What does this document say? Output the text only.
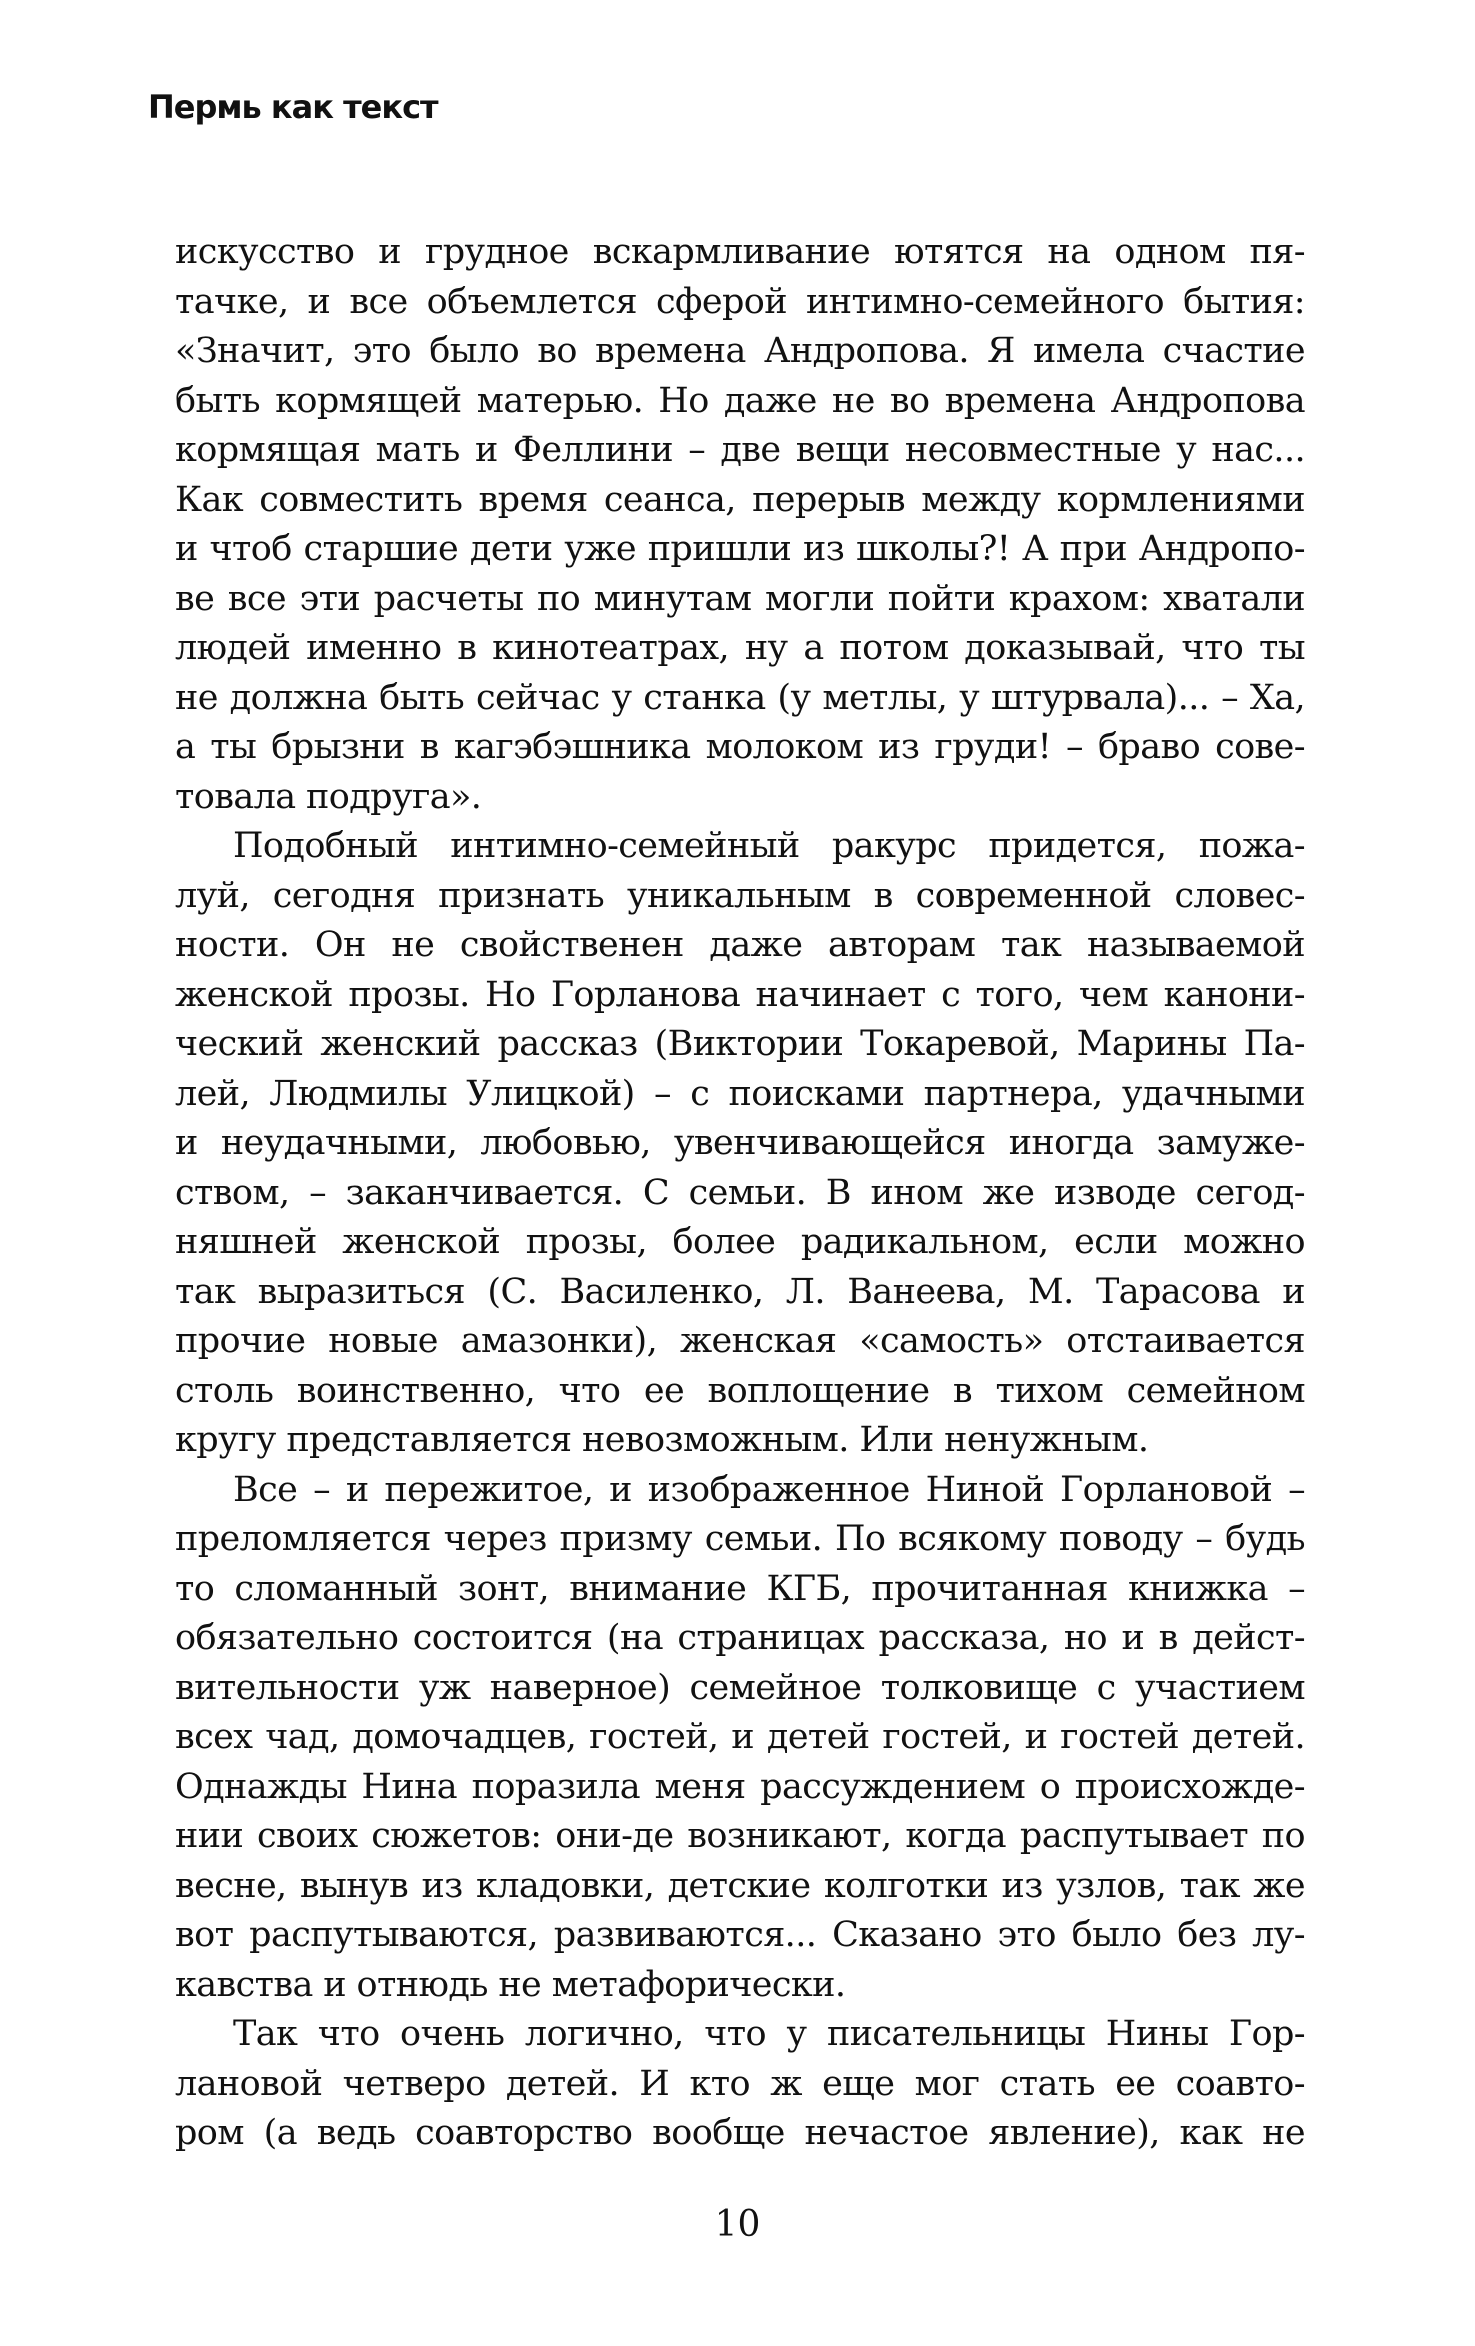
Пермь как текст
искусство и грудное вскармливание ютятся на одном пя-
тачке, и все объемлется сферой интимно-семейного бытия:
«Значит, это было во времена Андропова. Я имела счастие
быть кормящей матерью. Но даже не во времена Андропова
кормящая мать и Феллини – две вещи несовместные у нас...
Как совместить время сеанса, перерыв между кормлениями
и чтоб старшие дети уже пришли из школы?! А при Андропо-
ве все эти расчеты по минутам могли пойти крахом: хватали
людей именно в кинотеатрах, ну а потом доказывай, что ты
не должна быть сейчас у станка (у метлы, у штурвала)... – Ха,
а ты брызни в кагэбэшника молоком из груди! – браво сове-
товала подруга».
Подобный интимно-семейный ракурс придется, пожа-
луй, сегодня признать уникальным в современной словес-
ности. Он не свойственен даже авторам так называемой
женской прозы. Но Горланова начинает с того, чем канони-
ческий женский рассказ (Виктории Токаревой, Марины Па-
лей, Людмилы Улицкой) – с поисками партнера, удачными
и неудачными, любовью, увенчивающейся иногда замуже-
ством, – заканчивается. С семьи. В ином же изводе сегод-
няшней женской прозы, более радикальном, если можно
так выразиться (С. Василенко, Л. Ванеева, М. Тарасова и
прочие новые амазонки), женская «самость» отстаивается
столь воинственно, что ее воплощение в тихом семейном
кругу представляется невозможным. Или ненужным.
Все – и пережитое, и изображенное Ниной Горлановой –
преломляется через призму семьи. По всякому поводу – будь
то сломанный зонт, внимание КГБ, прочитанная книжка –
обязательно состоится (на страницах рассказа, но и в дейст-
вительности уж наверное) семейное толковище с участием
всех чад, домочадцев, гостей, и детей гостей, и гостей детей.
Однажды Нина поразила меня рассуждением о происхожде-
нии своих сюжетов: они-де возникают, когда распутывает по
весне, вынув из кладовки, детские колготки из узлов, так же
вот распутываются, развиваются... Сказано это было без лу-
кавства и отнюдь не метафорически.
Так что очень логично, что у писательницы Нины Гор-
лановой четверо детей. И кто ж еще мог стать ее соавто-
ром (а ведь соавторство вообще нечастое явление), как не
10
